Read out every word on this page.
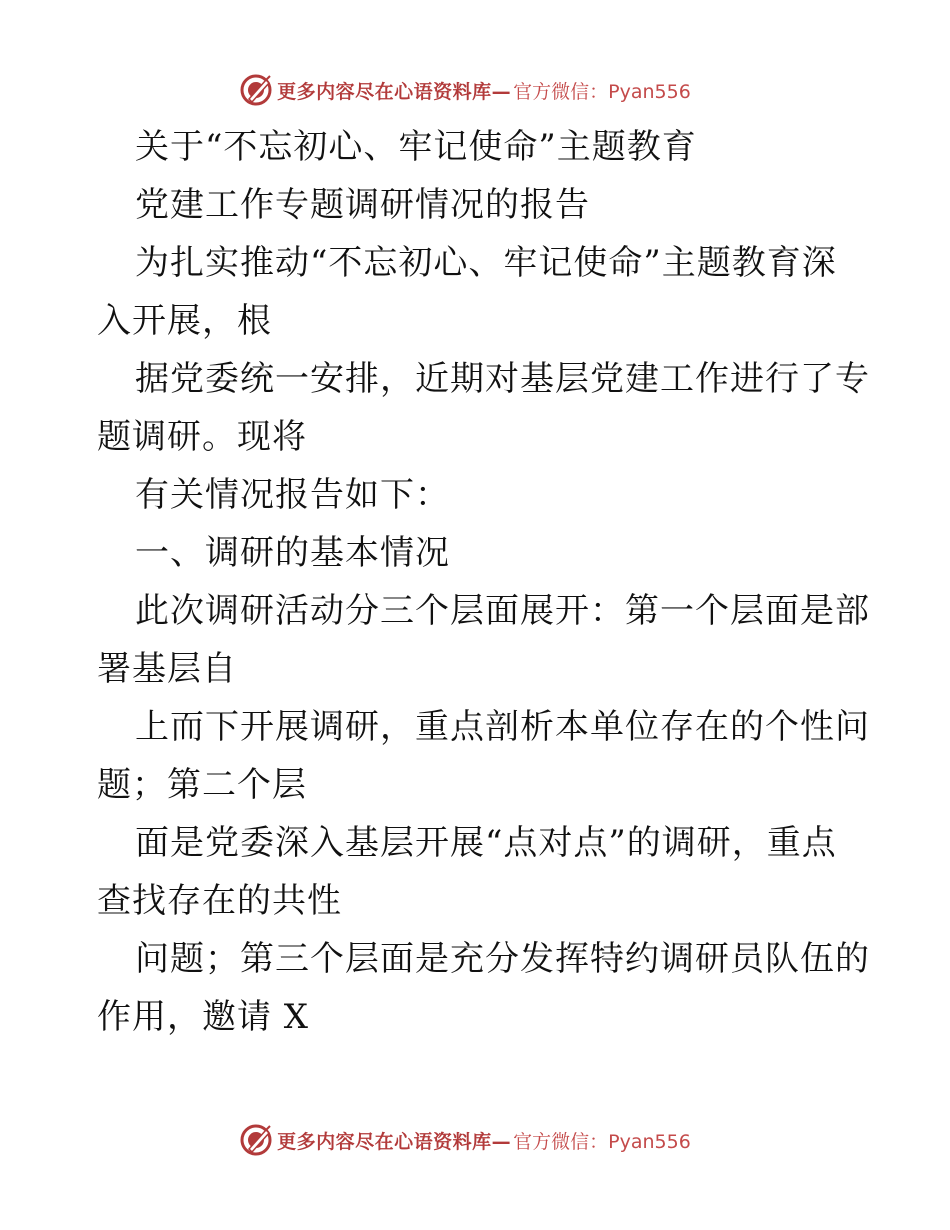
更多内容尽在心语资料库— 官方微信：Pyan556
关于“不忘初心、牢记使命”主题教育
党建工作专题调研情况的报告
为扎实推动“不忘初心、牢记使命”主题教育深
入开展，根
据党委统一安排，近期对基层党建工作进行了专
题调研。现将
有关情况报告如下：
一、调研的基本情况
此次调研活动分三个层面展开：第一个层面是部
署基层自
上而下开展调研，重点剖析本单位存在的个性问
题；第二个层
面是党委深入基层开展“点对点”的调研，重点
查找存在的共性
问题；第三个层面是充分发挥特约调研员队伍的
作用，邀请 X
更多内容尽在心语资料库— 官方微信：Pyan556
